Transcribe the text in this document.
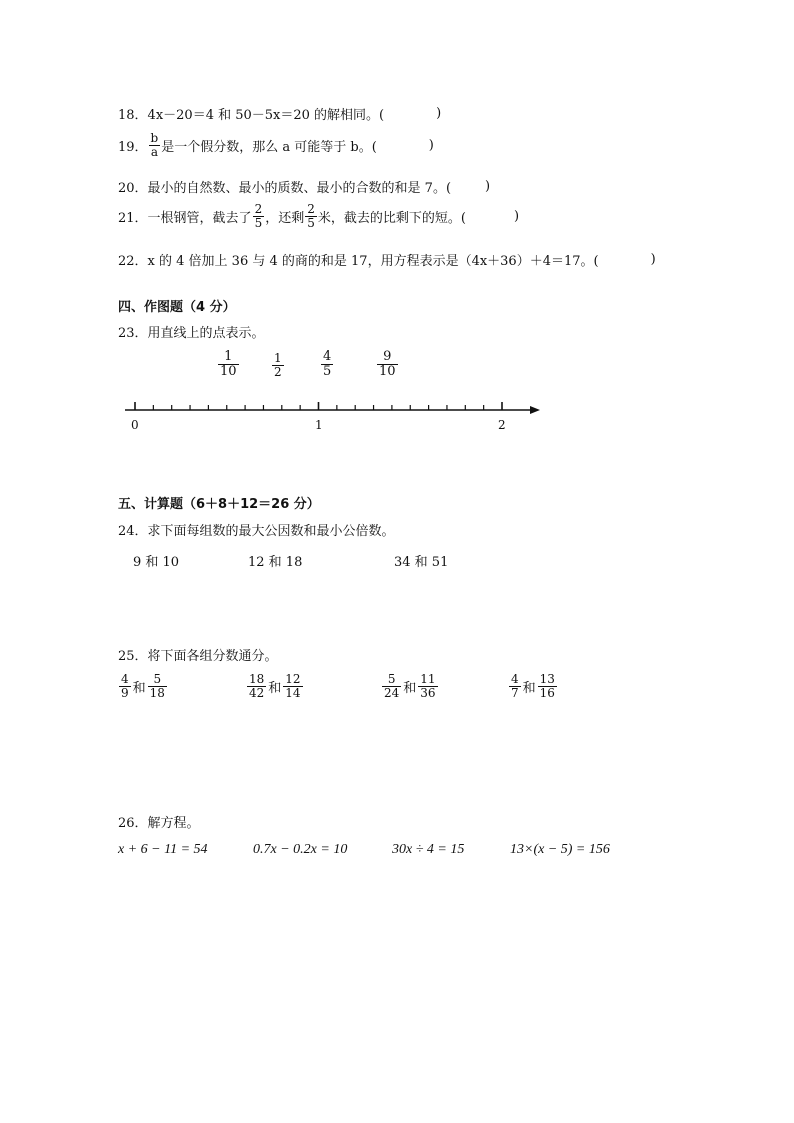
18． 4x－20＝4 和 50－5x＝20 的解相同。(	)
19． $\frac{b}{a}$ 是一个假分数，那么 a 可能等于 b。(	)
20． 最小的自然数、最小的质数、最小的合数的和是 7。(	)
21． 一根钢管，截去了 $\frac{2}{5}$ ，还剩 $\frac{2}{5}$ 米，截去的比剩下的短。(	)
22． x 的 4 倍加上 36 与 4 的商的和是 17，用方程表示是（4x＋36）＋4＝17。(	)
四、作图题（4 分）
23．用直线上的点表示。
1
10
1
2
4
5
9
10
0	1	2
五、计算题（6＋8＋12＝26 分）
24．求下面每组数的最大公因数和最小公倍数。
9 和 10	12 和 18	34 和 51
25．将下面各组分数通分。
$\frac{4}{9}$ 和 $\frac{5}{18}$	$\frac{18}{42}$ 和 $\frac{12}{14}$	$\frac{5}{24}$ 和 $\frac{11}{36}$	$\frac{4}{7}$ 和 $\frac{13}{16}$
26．解方程。
x + 6 − 11 = 54	0.7x − 0.2x = 10	30x ÷ 4 = 15	13×(x − 5) = 156
